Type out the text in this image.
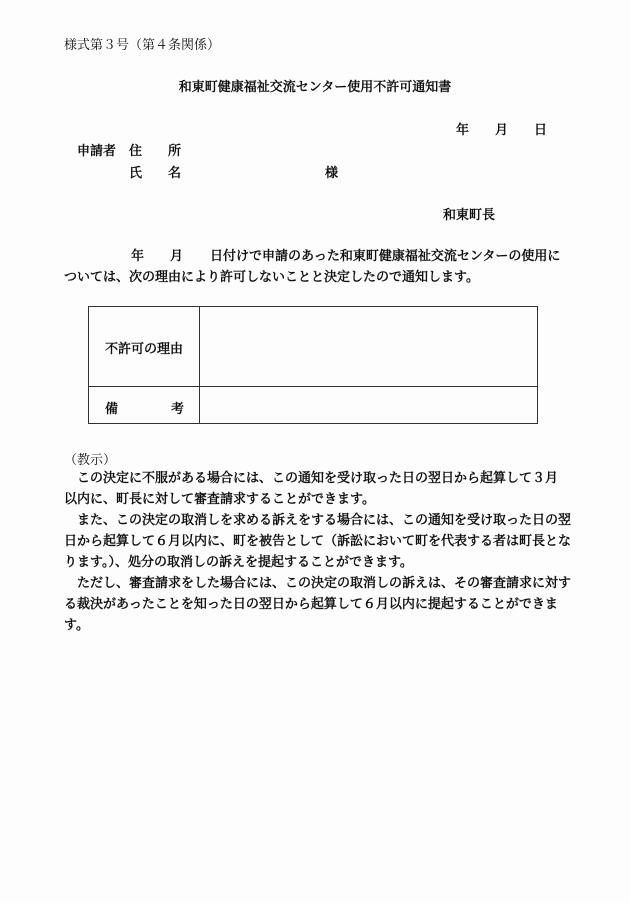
様式第３号（第４条関係）
和東町健康福祉交流センター使用不許可通知書
年 月 日
申請者 住　　所
氏　　名	様
和東町長
年 月 日付けで申請のあった和東町健康福祉交流センターの使用に
ついては、次の理由により許可しないことと決定したので通知します。
不許可の理由
備	考
（教示）
　この決定に不服がある場合には、この通知を受け取った日の翌日から起算して３月
以内に、町長に対して審査請求することができます。
　また、この決定の取消しを求める訴えをする場合には、この通知を受け取った日の翌
日から起算して６月以内に、町を被告として（訴訟において町を代表する者は町長とな
ります。）、処分の取消しの訴えを提起することができます。
　ただし、審査請求をした場合には、この決定の取消しの訴えは、その審査請求に対す
る裁決があったことを知った日の翌日から起算して６月以内に提起することができま
す。
